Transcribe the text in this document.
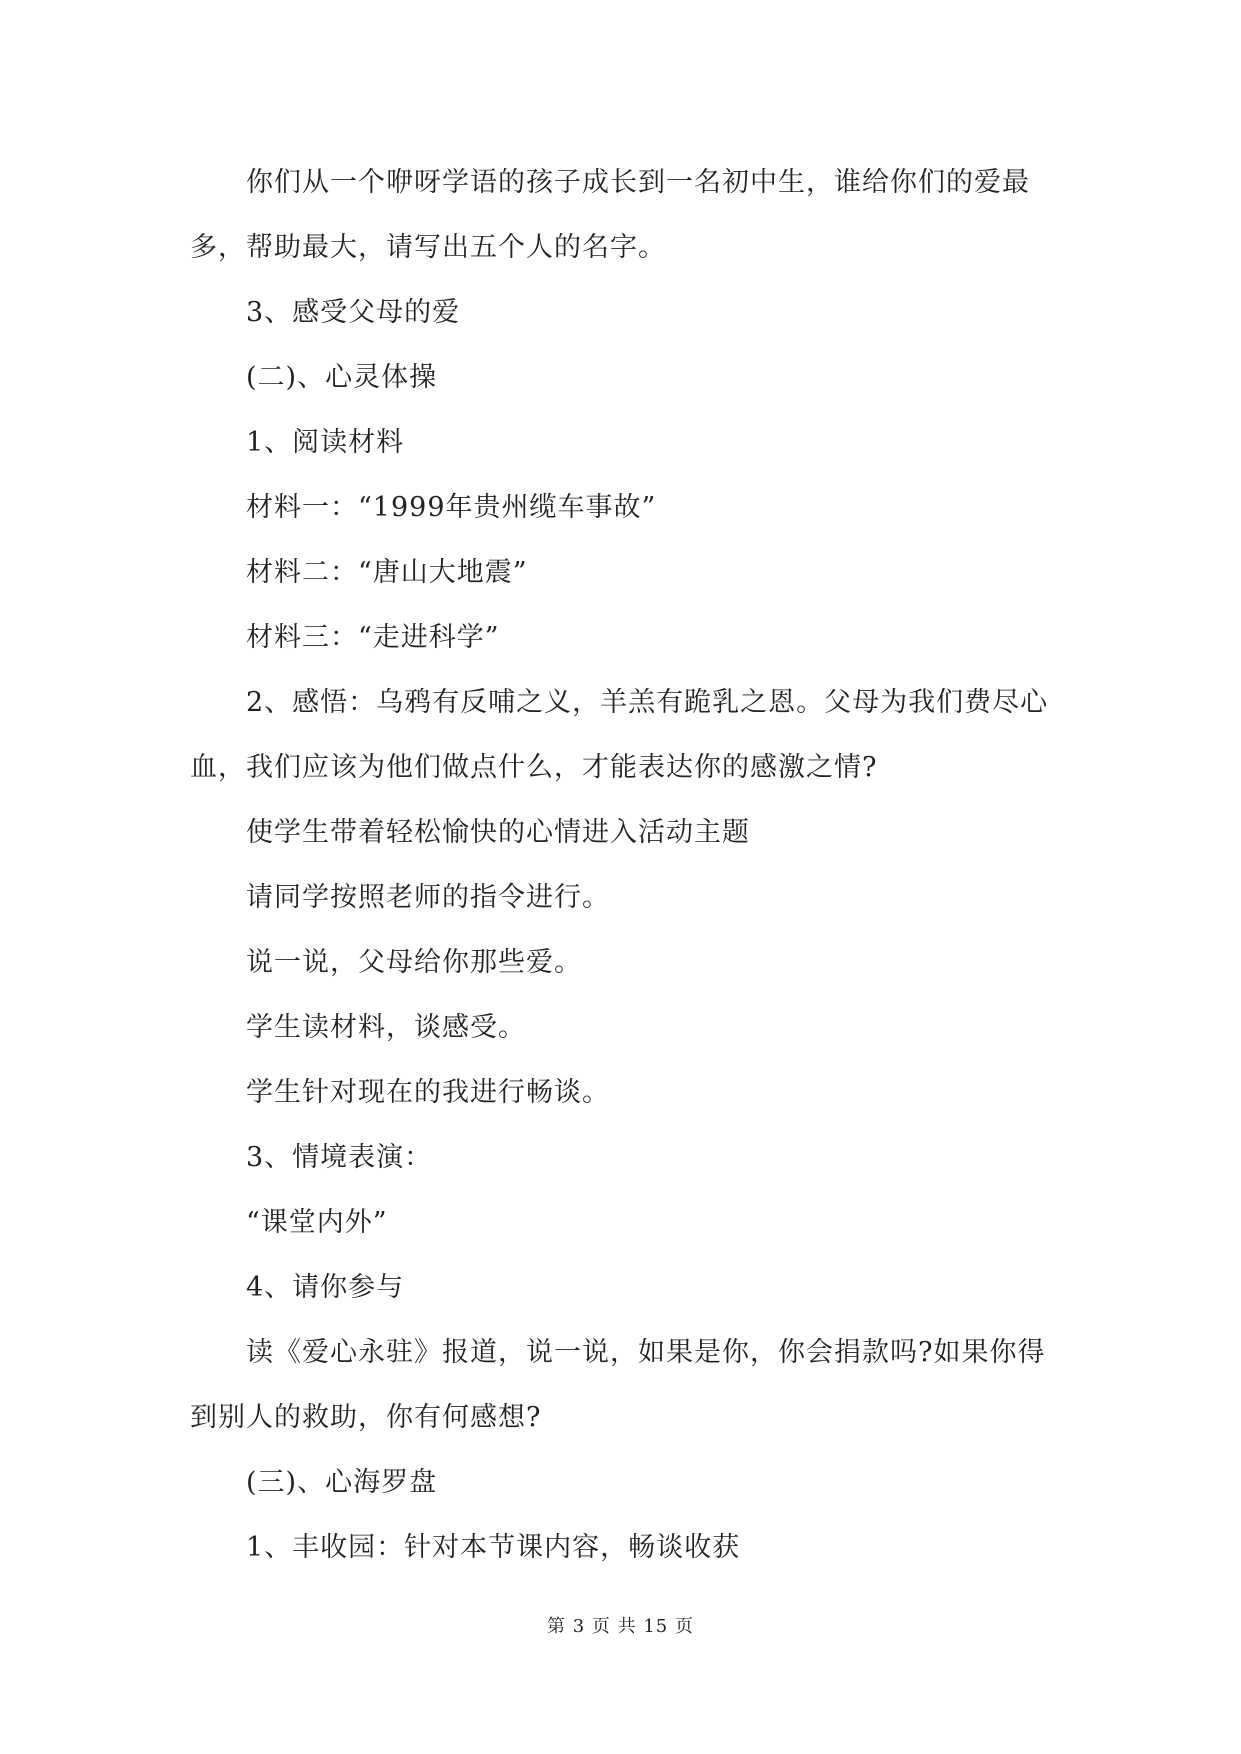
你们从一个咿呀学语的孩子成长到一名初中生，谁给你们的爱最多，帮助最大，请写出五个人的名字。

3、感受父母的爱

(二)、心灵体操

1、阅读材料

材料一：“1999年贵州缆车事故”

材料二：“唐山大地震”

材料三：“走进科学”

2、感悟：乌鸦有反哺之义，羊羔有跪乳之恩。父母为我们费尽心血，我们应该为他们做点什么，才能表达你的感激之情?

使学生带着轻松愉快的心情进入活动主题

请同学按照老师的指令进行。

说一说，父母给你那些爱。

学生读材料，谈感受。

学生针对现在的我进行畅谈。

3、情境表演：

“课堂内外”

4、请你参与

读《爱心永驻》报道，说一说，如果是你，你会捐款吗?如果你得到别人的救助，你有何感想?

(三)、心海罗盘

1、丰收园：针对本节课内容，畅谈收获

第 3 页 共 15 页
